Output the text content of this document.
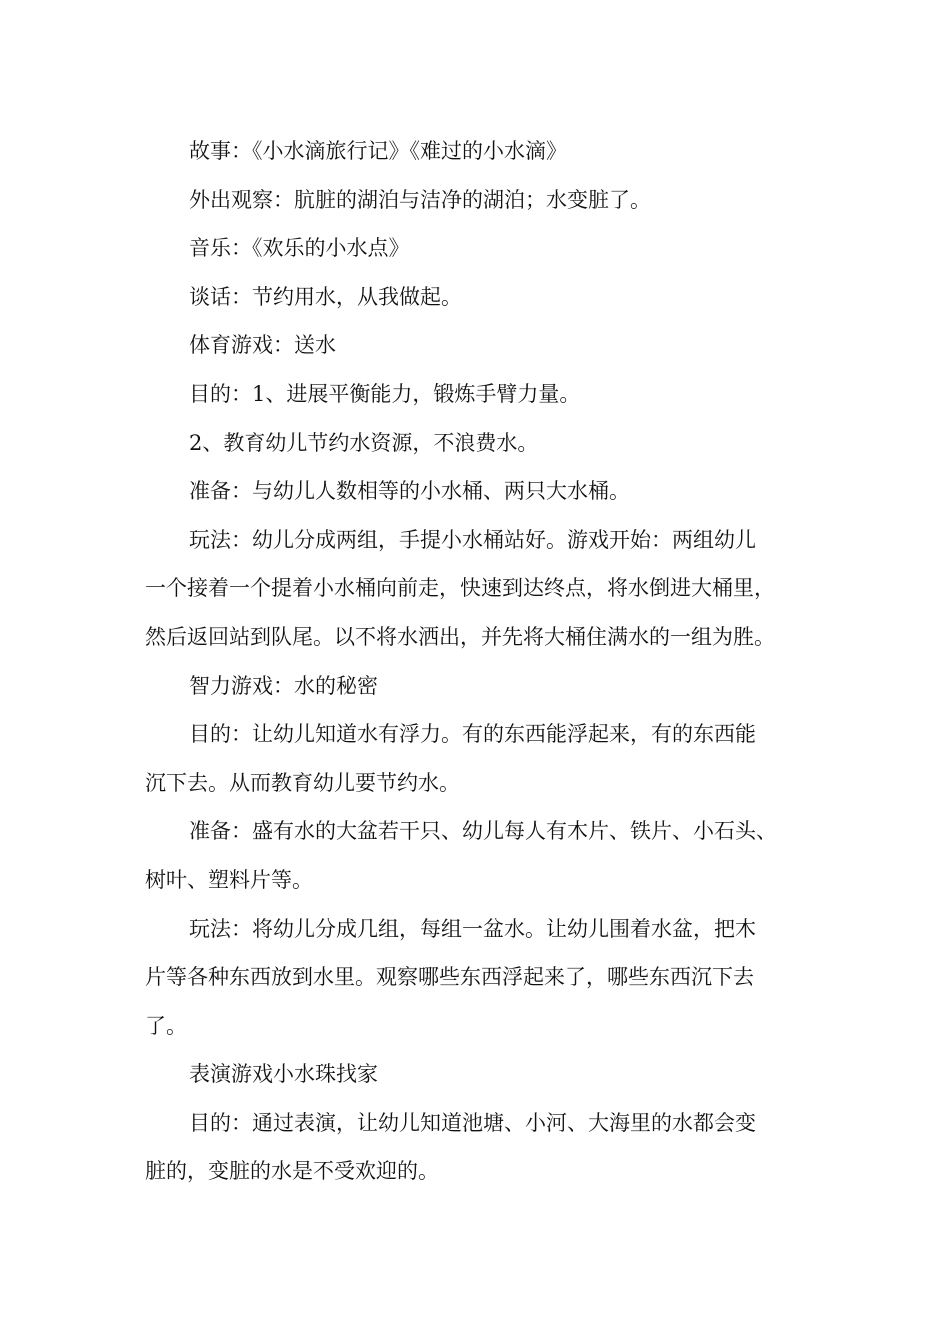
故事：《小水滴旅行记》《难过的小水滴》
外出观察：肮脏的湖泊与洁净的湖泊；水变脏了。
音乐：《欢乐的小水点》
谈话：节约用水，从我做起。
体育游戏：送水
目的：1、进展平衡能力，锻炼手臂力量。
2、教育幼儿节约水资源，不浪费水。
准备：与幼儿人数相等的小水桶、两只大水桶。
玩法：幼儿分成两组，手提小水桶站好。游戏开始：两组幼儿
一个接着一个提着小水桶向前走，快速到达终点，将水倒进大桶里，
然后返回站到队尾。以不将水洒出，并先将大桶住满水的一组为胜。
智力游戏：水的秘密
目的：让幼儿知道水有浮力。有的东西能浮起来，有的东西能
沉下去。从而教育幼儿要节约水。
准备：盛有水的大盆若干只、幼儿每人有木片、铁片、小石头、
树叶、塑料片等。
玩法：将幼儿分成几组，每组一盆水。让幼儿围着水盆，把木
片等各种东西放到水里。观察哪些东西浮起来了，哪些东西沉下去
了。
表演游戏小水珠找家
目的：通过表演，让幼儿知道池塘、小河、大海里的水都会变
脏的，变脏的水是不受欢迎的。
